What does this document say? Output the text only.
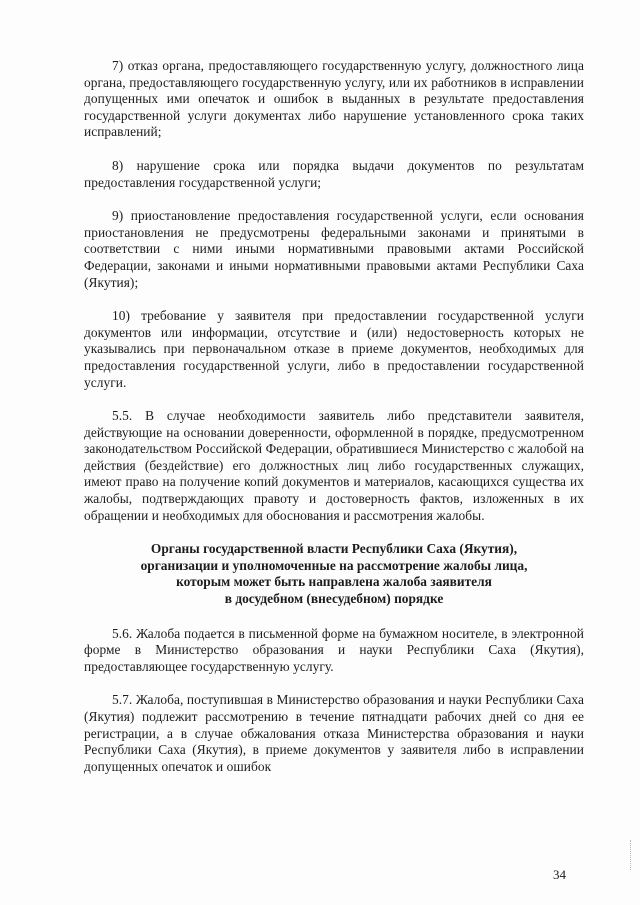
7) отказ органа, предоставляющего государственную услугу, должностного лица органа, предоставляющего государственную услугу, или их работников в исправлении допущенных ими опечаток и ошибок в выданных в результате предоставления государственной услуги документах либо нарушение установленного срока таких исправлений;

8) нарушение срока или порядка выдачи документов по результатам предоставления государственной услуги;

9) приостановление предоставления государственной услуги, если основания приостановления не предусмотрены федеральными законами и принятыми в соответствии с ними иными нормативными правовыми актами Российской Федерации, законами и иными нормативными правовыми актами Республики Саха (Якутия);

10) требование у заявителя при предоставлении государственной услуги документов или информации, отсутствие и (или) недостоверность которых не указывались при первоначальном отказе в приеме документов, необходимых для предоставления государственной услуги, либо в предоставлении государственной услуги.

5.5. В случае необходимости заявитель либо представители заявителя, действующие на основании доверенности, оформленной в порядке, предусмотренном законодательством Российской Федерации, обратившиеся Министерство с жалобой на действия (бездействие) его должностных лиц либо государственных служащих, имеют право на получение копий документов и материалов, касающихся существа их жалобы, подтверждающих правоту и достоверность фактов, изложенных в их обращении и необходимых для обоснования и рассмотрения жалобы.

Органы государственной власти Республики Саха (Якутия),
организации и уполномоченные на рассмотрение жалобы лица,
которым может быть направлена жалоба заявителя
в досудебном (внесудебном) порядке

5.6. Жалоба подается в письменной форме на бумажном носителе, в электронной форме в Министерство образования и науки Республики Саха (Якутия), предоставляющее государственную услугу.

5.7. Жалоба, поступившая в Министерство образования и науки Республики Саха (Якутия) подлежит рассмотрению в течение пятнадцати рабочих дней со дня ее регистрации, а в случае обжалования отказа Министерства образования и науки Республики Саха (Якутия), в приеме документов у заявителя либо в исправлении допущенных опечаток и ошибок

34
